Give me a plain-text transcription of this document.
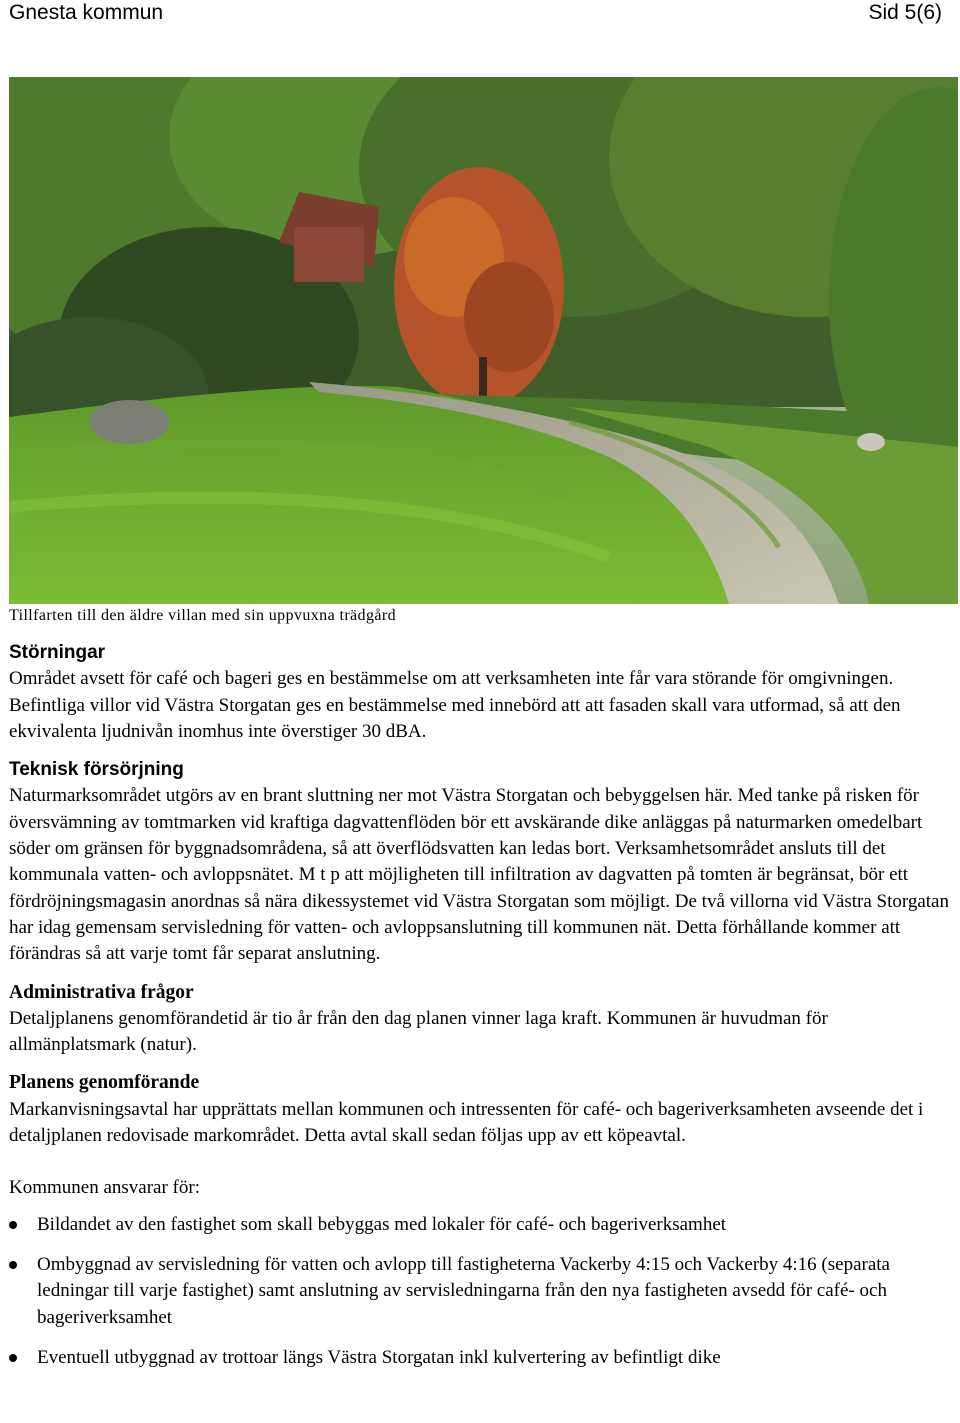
Gnesta kommun	Sid 5(6)
Tillfarten till den äldre villan med sin uppvuxna trädgård
Störningar

Området avsett för café och bageri ges en bestämmelse om att verksamheten inte får vara störande för omgivningen. Befintliga villor vid Västra Storgatan ges en bestämmelse med innebörd att att fasaden skall vara utformad, så att den ekvivalenta ljudnivån inomhus inte överstiger 30 dBA.

Teknisk försörjning

Naturmarksområdet utgörs av en brant sluttning ner mot Västra Storgatan och bebyggelsen här. Med tanke på risken för översvämning av tomtmarken vid kraftiga dagvattenflöden bör ett avskärande dike anläggas på naturmarken omedelbart söder om gränsen för byggnadsområdena, så att överflödsvatten kan ledas bort. Verksamhetsområdet ansluts till det kommunala vatten- och avloppsnätet. M t p att möjligheten till infiltration av dagvatten på tomten är begränsat, bör ett fördröjningsmagasin anordnas så nära dikessystemet vid Västra Storgatan som möjligt. De två villorna vid Västra Storgatan har idag gemensam servisledning för vatten- och avloppsanslutning till kommunen nät. Detta förhållande kommer att förändras så att varje tomt får separat anslutning.

Administrativa frågor

Detaljplanens genomförandetid är tio år från den dag planen vinner laga kraft. Kommunen är huvudman för allmänplatsmark (natur).

Planens genomförande

Markanvisningsavtal har upprättats mellan kommunen och intressenten för café- och bageriverksamheten avseende det i detaljplanen redovisade markområdet. Detta avtal skall sedan följas upp av ett köpeavtal.

Kommunen ansvarar för:

Bildandet av den fastighet som skall bebyggas med lokaler för café- och bageriverksamhet
Ombyggnad av servisledning för vatten och avlopp till fastigheterna Vackerby 4:15 och Vackerby 4:16 (separata ledningar till varje fastighet) samt anslutning av servisledningarna från den nya fastigheten avsedd för café- och bageriverksamhet
Eventuell utbyggnad av trottoar längs Västra Storgatan inkl kulvertering av befintligt dike
